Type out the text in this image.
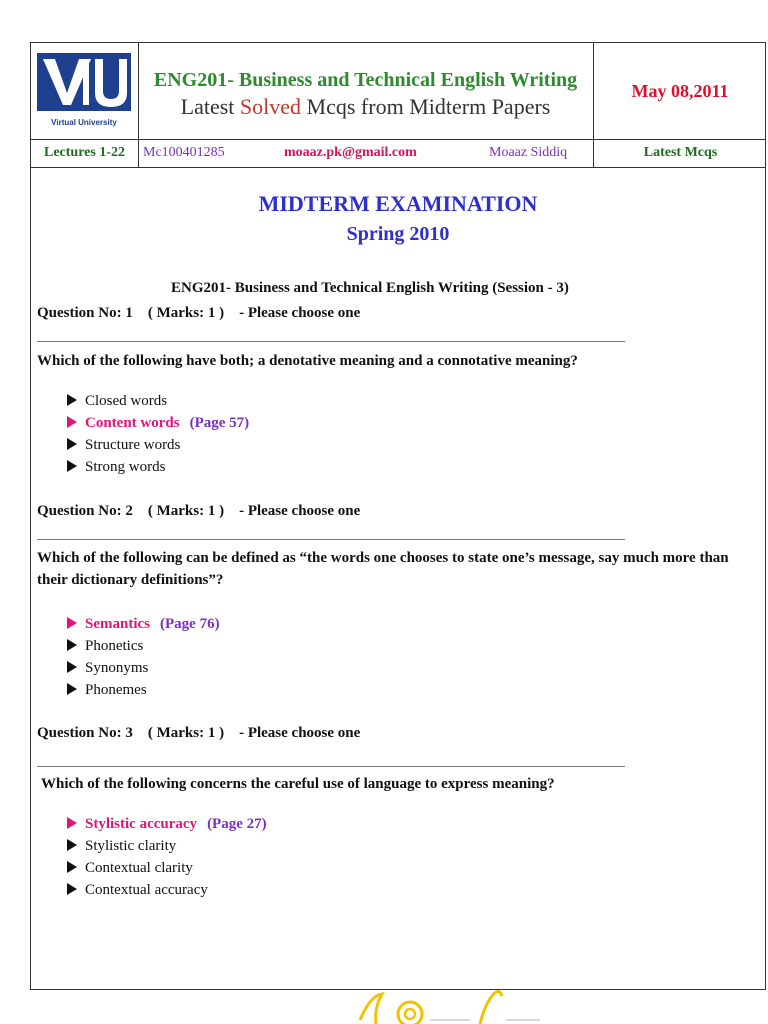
Virtual University
ENG201- Business and Technical English Writing
Latest Solved Mcqs from Midterm Papers
May 08,2011
Lectures 1-22	Mc100401285	moaaz.pk@gmail.com	Moaaz Siddiq	Latest Mcqs
MIDTERM EXAMINATION
Spring 2010
ENG201- Business and Technical English Writing (Session - 3)
Question No: 1    ( Marks: 1 )    - Please choose one
Which of the following have both; a denotative meaning and a connotative meaning?
Closed words
Content words (Page 57)
Structure words
Strong words
Question No: 2    ( Marks: 1 )    - Please choose one
Which of the following can be defined as “the words one chooses to state one’s message, say much more than their dictionary definitions”?
Semantics (Page 76)
Phonetics
Synonyms
Phonemes
Question No: 3    ( Marks: 1 )    - Please choose one
Which of the following concerns the careful use of language to express meaning?
Stylistic accuracy (Page 27)
Stylistic clarity
Contextual clarity
Contextual accuracy
